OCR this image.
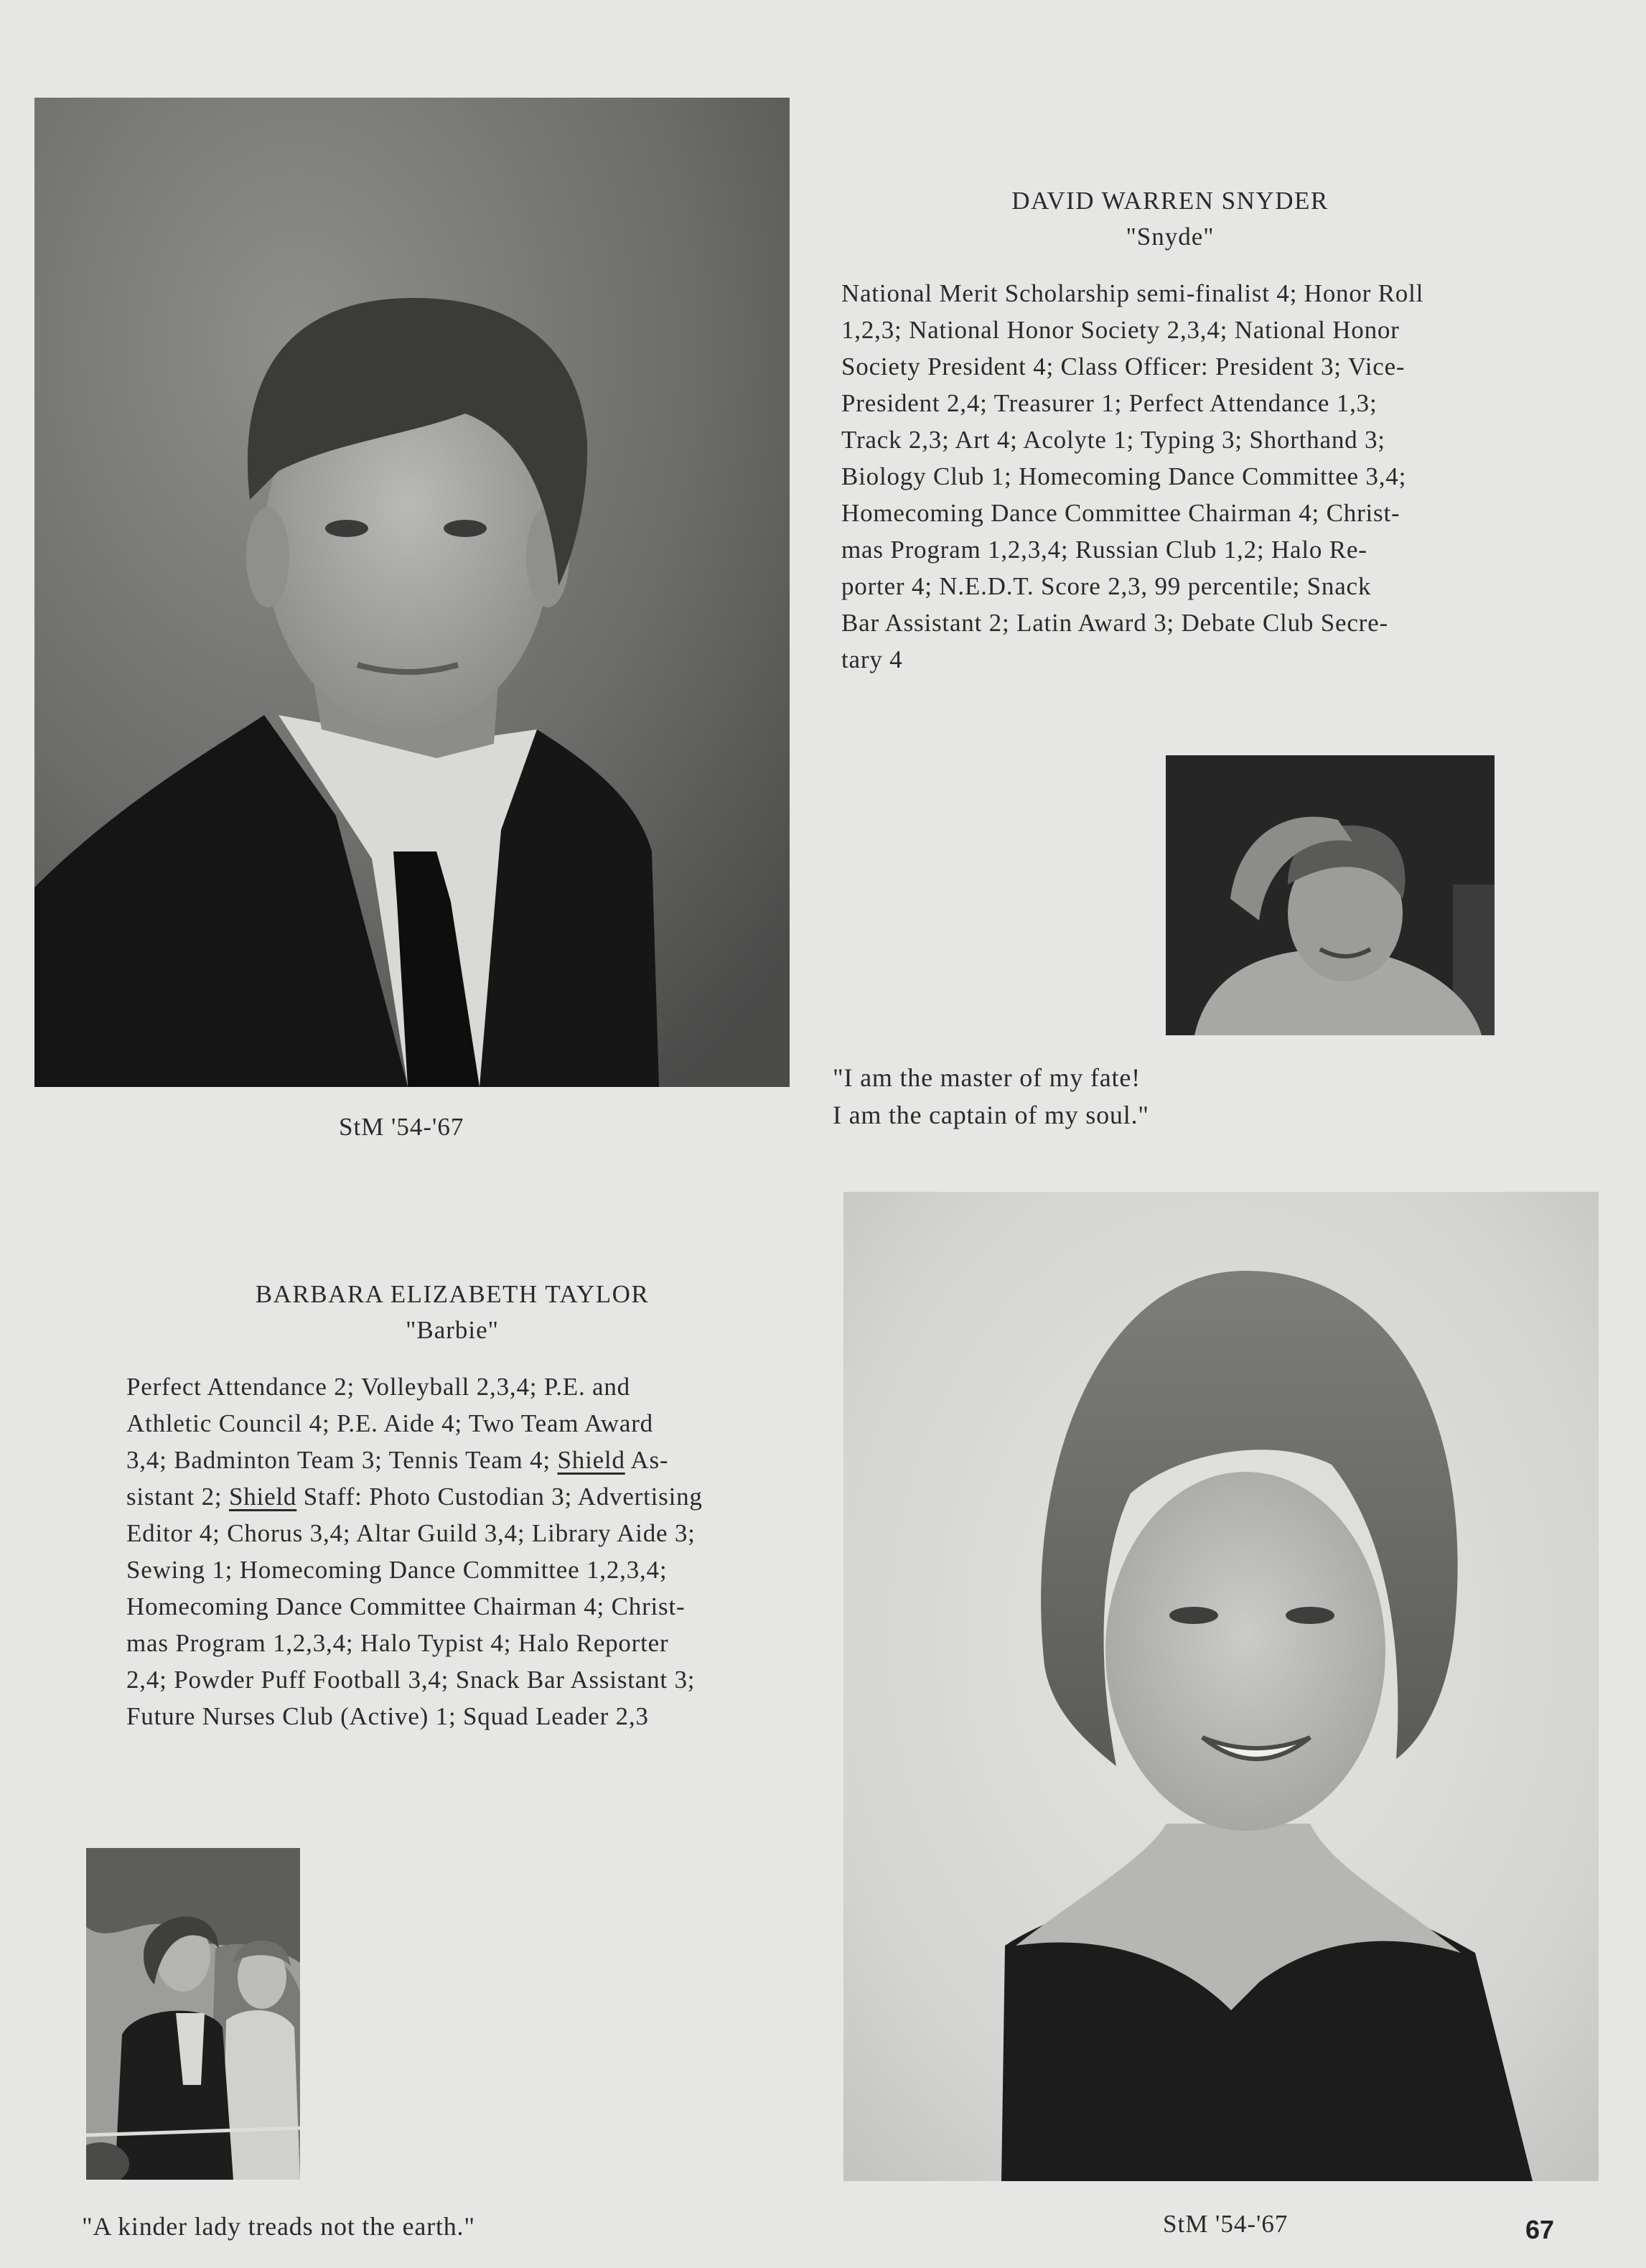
DAVID WARREN SNYDER
"Snyde"

National Merit Scholarship semi-finalist 4; Honor Roll
1,2,3; National Honor Society 2,3,4; National Honor
Society President 4; Class Officer: President 3; Vice-
President 2,4; Treasurer 1; Perfect Attendance 1,3;
Track 2,3; Art 4; Acolyte 1; Typing 3; Shorthand 3;
Biology Club 1; Homecoming Dance Committee 3,4;
Homecoming Dance Committee Chairman 4; Christ-
mas Program 1,2,3,4; Russian Club 1,2; Halo Re-
porter 4; N.E.D.T. Score 2,3, 99 percentile; Snack
Bar Assistant 2; Latin Award 3; Debate Club Secre-
tary 4

StM '54-'67
"I am the master of my fate!
I am the captain of my soul."
BARBARA ELIZABETH TAYLOR
"Barbie"

Perfect Attendance 2; Volleyball 2,3,4; P.E. and
Athletic Council 4; P.E. Aide 4; Two Team Award
3,4; Badminton Team 3; Tennis Team 4; Shield As-
sistant 2; Shield Staff: Photo Custodian 3; Advertising
Editor 4; Chorus 3,4; Altar Guild 3,4; Library Aide 3;
Sewing 1; Homecoming Dance Committee 1,2,3,4;
Homecoming Dance Committee Chairman 4; Christ-
mas Program 1,2,3,4; Halo Typist 4; Halo Reporter
2,4; Powder Puff Football 3,4; Snack Bar Assistant 3;
Future Nurses Club (Active) 1; Squad Leader 2,3

"A kinder lady treads not the earth."	StM '54-'67	67
